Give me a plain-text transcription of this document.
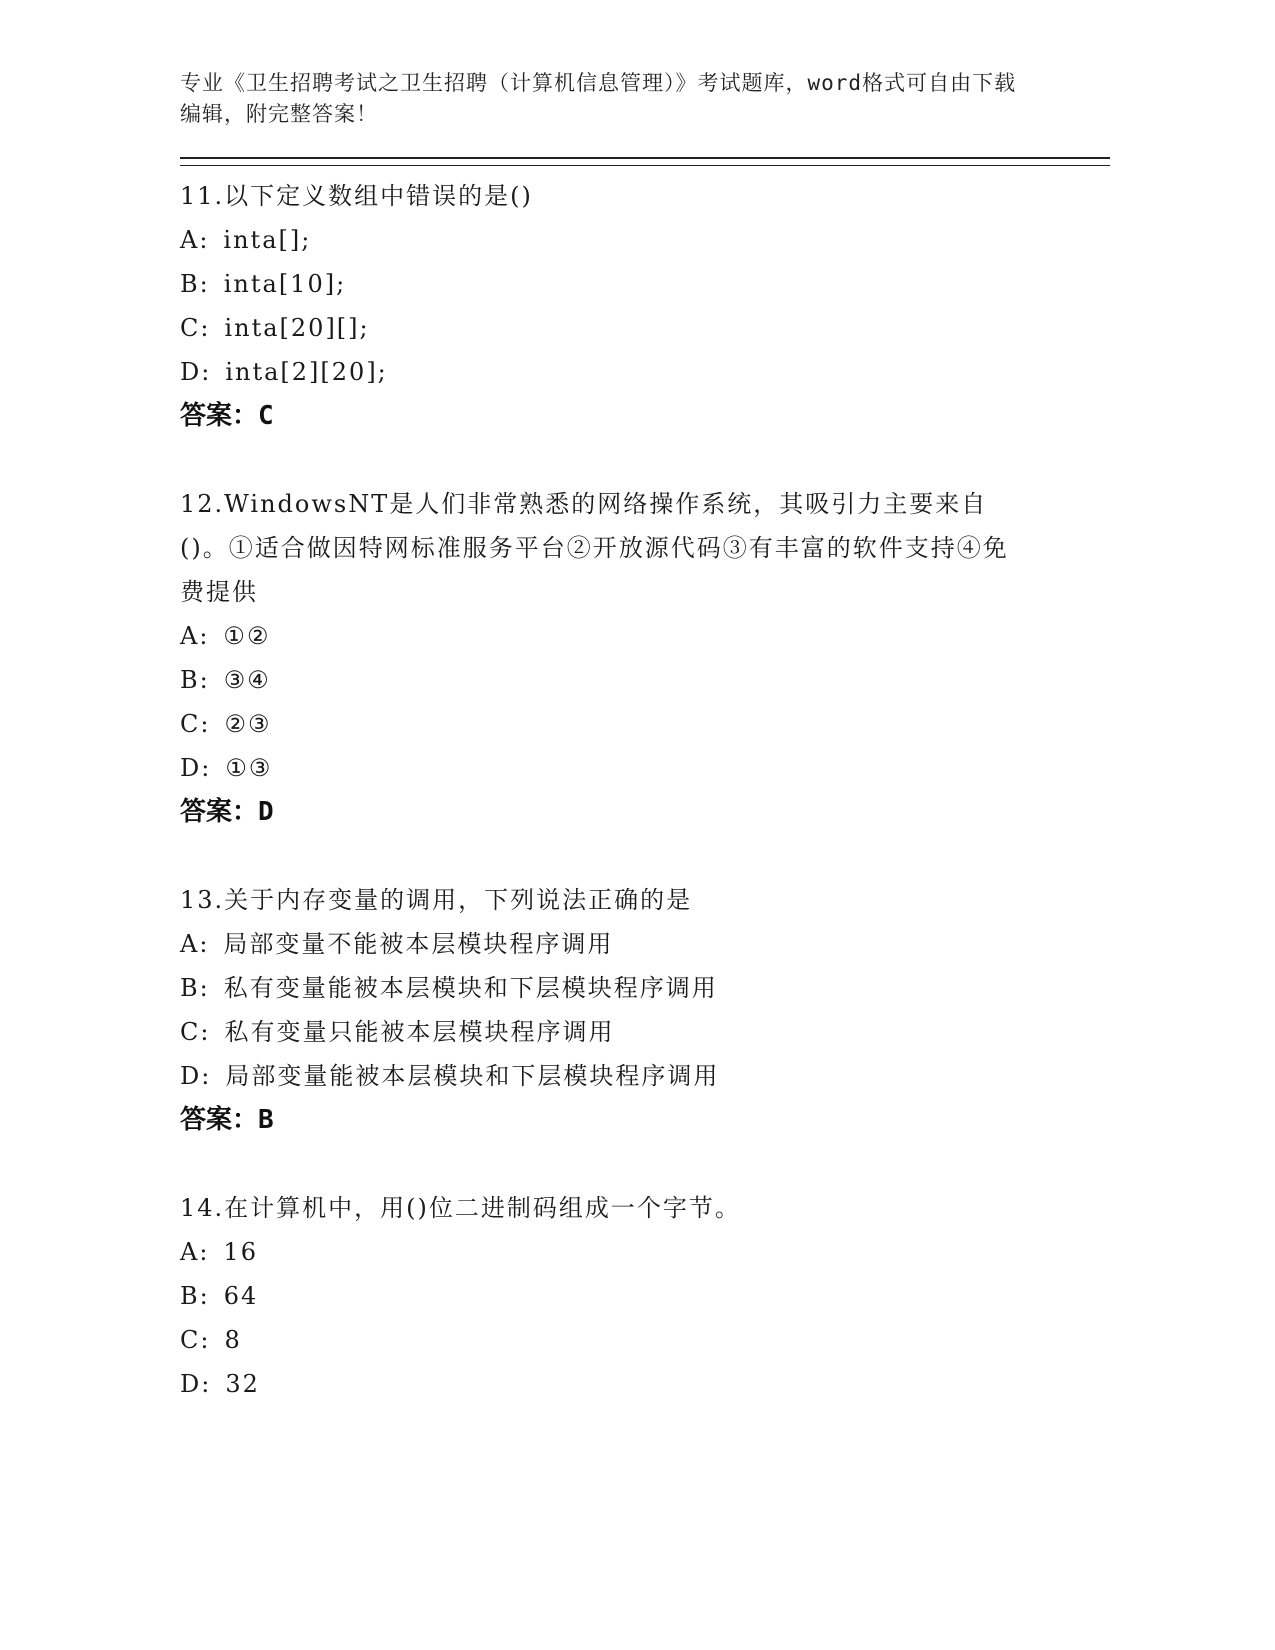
专业《卫生招聘考试之卫生招聘（计算机信息管理）》考试题库，word格式可自由下载编辑，附完整答案！
11.以下定义数组中错误的是()
A: inta[];
B: inta[10];
C: inta[20][];
D: inta[2][20];
答案：C
12.WindowsNT是人们非常熟悉的网络操作系统，其吸引力主要来自()。①适合做因特网标准服务平台②开放源代码③有丰富的软件支持④免费提供
A: ①②
B: ③④
C: ②③
D: ①③
答案：D
13.关于内存变量的调用，下列说法正确的是
A: 局部变量不能被本层模块程序调用
B: 私有变量能被本层模块和下层模块程序调用
C: 私有变量只能被本层模块程序调用
D: 局部变量能被本层模块和下层模块程序调用
答案：B
14.在计算机中，用()位二进制码组成一个字节。
A: 16
B: 64
C: 8
D: 32
